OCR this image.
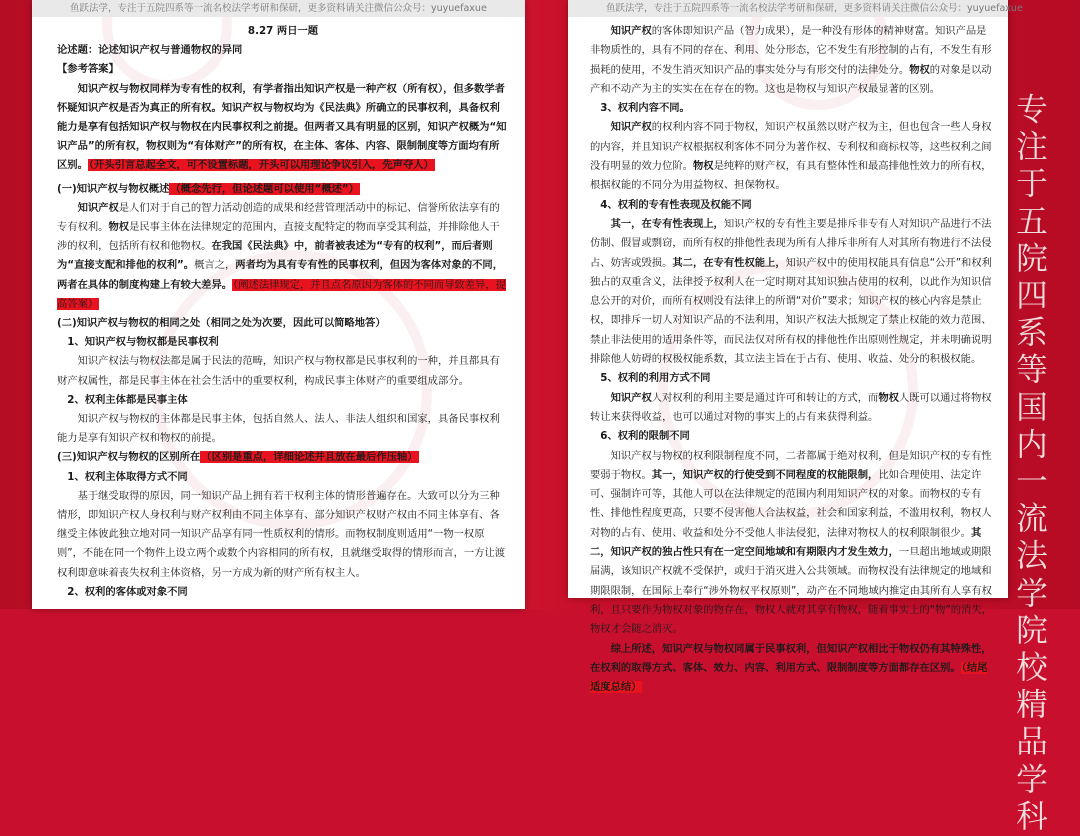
鱼跃法学，专注于五院四系等一流名校法学考研和保研，更多资料请关注微信公众号：yuyuefaxue
8.27 两日一题

论述题：论述知识产权与普通物权的异同

【参考答案】

知识产权与物权同样为专有性的权利，有学者指出知识产权是一种产权（所有权），但多数学者怀疑知识产权是否为真正的所有权。知识产权与物权均为《民法典》所确立的民事权利，具备权利能力是享有包括知识产权与物权在内民事权利之前提。但两者又具有明显的区别，知识产权概为“知识产品”的所有权，物权则为“有体财产”的所有权，在主体、客体、内容、限制制度等方面均有所区别。（开头引言总起全文，可不设置标题，开头可以用理论争议引入，先声夺人）

(一)知识产权与物权概述（概念先行，但论述题可以使用“概述”）

知识产权是人们对于自己的智力活动创造的成果和经营管理活动中的标记、信誉所依法享有的专有权利。物权是民事主体在法律规定的范围内，直接支配特定的物而享受其利益，并排除他人干涉的权利，包括所有权和他物权。在我国《民法典》中，前者被表述为“专有的权利”，而后者则为“直接支配和排他的权利”。概言之，两者均为具有专有性的民事权利，但因为客体对象的不同，两者在具体的制度构建上有较大差异。（阐述法律规定，并且点名原因为客体的不同而导致差异，提高答案）

(二)知识产权与物权的相同之处（相同之处为次要，因此可以简略地答）

1、知识产权与物权都是民事权利

知识产权法与物权法都是属于民法的范畴，知识产权与物权都是民事权利的一种，并且都具有财产权属性，都是民事主体在社会生活中的重要权利，构成民事主体财产的重要组成部分。

2、权利主体都是民事主体

知识产权与物权的主体都是民事主体，包括自然人、法人、非法人组织和国家，具备民事权利能力是享有知识产权和物权的前提。

(三)知识产权与物权的区别所在（区别是重点，详细论述并且放在最后作压轴）

1、权利主体取得方式不同

基于继受取得的原因，同一知识产品上拥有若干权利主体的情形普遍存在。大致可以分为三种情形，即知识产权人身权利与财产权利由不同主体享有、部分知识产权财产权由不同主体享有、各继受主体彼此独立地对同一知识产品享有同一性质权利的情形。而物权制度则适用“一物一权原则”，不能在同一个物件上设立两个或数个内容相同的所有权，且就继受取得的情形而言，一方让渡权利即意味着丧失权利主体资格，另一方成为新的财产所有权主人。

2、权利的客体或对象不同

鱼跃法学，专注于五院四系等一流名校法学考研和保研，更多资料请关注微信公众号：yuyuefaxue

知识产权的客体即知识产品（智力成果），是一种没有形体的精神财富。知识产品是非物质性的，具有不同的存在、利用、处分形态，它不发生有形控制的占有，不发生有形损耗的使用，不发生消灭知识产品的事实处分与有形交付的法律处分。物权的对象是以动产和不动产为主的实实在在存在的物。这也是物权与知识产权最显著的区别。

3、权利内容不同。

知识产权的权利内容不同于物权，知识产权虽然以财产权为主，但也包含一些人身权的内容，并且知识产权根据权利客体不同分为著作权、专利权和商标权等，这些权利之间没有明显的效力位阶。物权是纯粹的财产权，有具有整体性和最高排他性效力的所有权，根据权能的不同分为用益物权、担保物权。

4、权利的专有性表现及权能不同

其一，在专有性表现上，知识产权的专有性主要是排斥非专有人对知识产品进行不法仿制、假冒或剽窃，而所有权的排他性表现为所有人排斥非所有人对其所有物进行不法侵占、妨害或毁损。其二，在专有性权能上，知识产权中的使用权能具有信息“公开”和权利独占的双重含义，法律授予权利人在一定时期对其知识独占使用的权利，以此作为知识信息公开的对价，而所有权则没有法律上的所谓“对价”要求；知识产权的核心内容是禁止权，即排斥一切人对知识产品的不法利用，知识产权法大抵规定了禁止权能的效力范围、禁止非法使用的适用条件等，而民法仅对所有权的排他性作出原则性规定，并未明确说明排除他人妨碍的权极权能系数，其立法主旨在于占有、使用、收益、处分的积极权能。

5、权利的利用方式不同

知识产权人对权利的利用主要是通过许可和转让的方式，而物权人既可以通过将物权转让来获得收益，也可以通过对物的事实上的占有来获得利益。

6、权利的限制不同

知识产权与物权的权利限制程度不同，二者都属于绝对权利，但是知识产权的专有性要弱于物权。其一，知识产权的行使受到不同程度的权能限制，比如合理使用、法定许可、强制许可等，其他人可以在法律规定的范围内利用知识产权的对象。而物权的专有性、排他性程度更高，只要不侵害他人合法权益，社会和国家利益，不滥用权利，物权人对物的占有、使用、收益和处分不受他人非法侵犯，法律对物权人的权利限制很少。其二，知识产权的独占性只有在一定空间地域和有期限内才发生效力，一旦超出地域或期限届满，该知识产权就不受保护，或归于消灭进入公共领域。而物权没有法律规定的地域和期限限制，在国际上奉行“涉外物权平权原则”，动产在不同地域内推定由其所有人享有权利，且只要作为物权对象的物存在，物权人就对其享有物权，随着事实上的“物”的消失，物权才会随之消灭。

综上所述，知识产权与物权同属于民事权利，但知识产权相比于物权仍有其特殊性，在权利的取得方式、客体、效力、内容、利用方式、限制制度等方面都存在区别。（结尾适度总结）

专注于五院四系等国内一流法学院校精品学科
